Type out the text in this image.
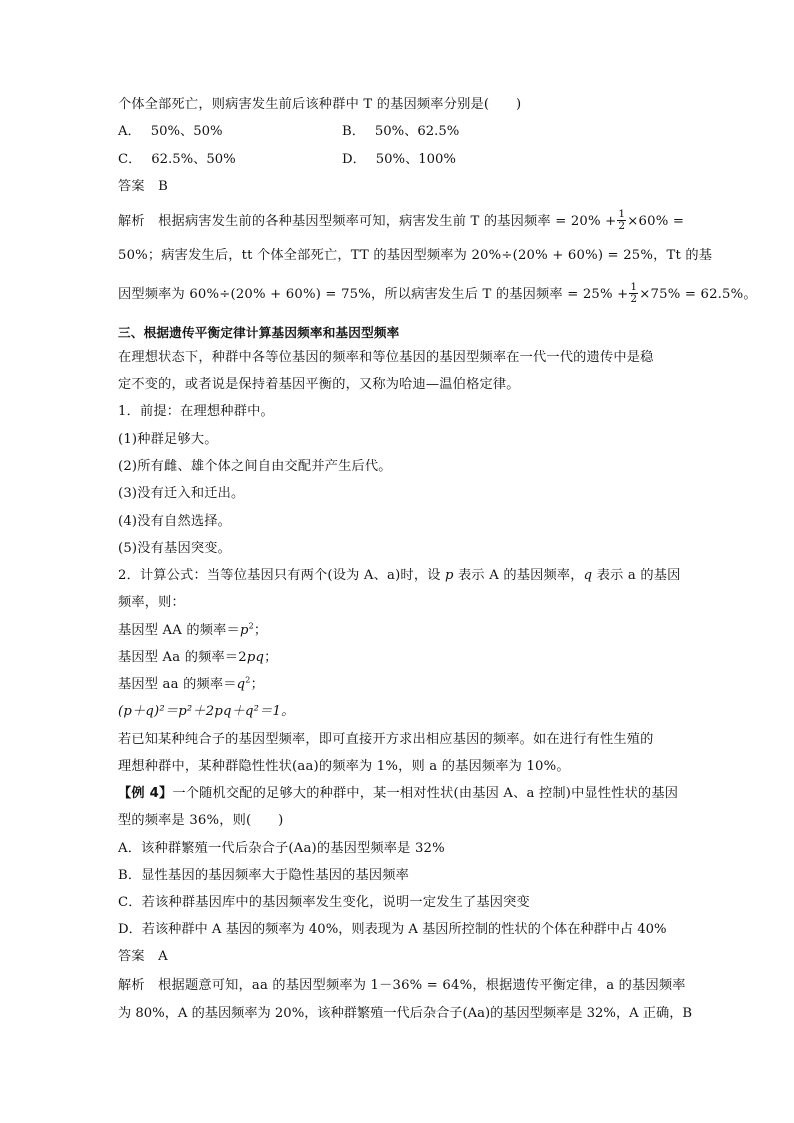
个体全部死亡，则病害发生前后该种群中 T 的基因频率分别是(　　)
A． 50%、50%	B． 50%、62.5%
C． 62.5%、50%	D． 50%、100%
答案　 B
解析　 根据病害发生前的各种基因型频率可知，病害发生前 T 的基因频率 = $20\% + \frac{1}{2} \times 60\%$ =
50%；病害发生后，tt 个体全部死亡，TT 的基因型频率为 20%÷(20% + 60%) = 25%，Tt 的基
因型频率为 60%÷(20% + 60%) = 75%，所以病害发生后 T 的基因频率 = $25\% + \frac{1}{2} \times 75\% = 62.5\%$。
三、根据遗传平衡定律计算基因频率和基因型频率
在理想状态下，种群中各等位基因的频率和等位基因的基因型频率在一代一代的遗传中是稳
定不变的，或者说是保持着基因平衡的，又称为哈迪—温伯格定律。
1．前提：在理想种群中。
(1)种群足够大。
(2)所有雌、雄个体之间自由交配并产生后代。
(3)没有迁入和迁出。
(4)没有自然选择。
(5)没有基因突变。
2．计算公式：当等位基因只有两个(设为 A、a)时，设 p 表示 A 的基因频率，q 表示 a 的基因
频率，则：
基因型 AA 的频率$=p^2$；
基因型 Aa 的频率＝2pq；
基因型 aa 的频率$=q^2$；
(p＋q)²＝p²＋2pq＋q²＝1。
若已知某种纯合子的基因型频率，即可直接开方求出相应基因的频率。如在进行有性生殖的
理想种群中，某种群隐性性状(aa)的频率为 1%，则 a 的基因频率为 10%。
【例 4】一个随机交配的足够大的种群中，某一相对性状(由基因 A、a 控制)中显性性状的基因
型的频率是 36%，则(　　)
A．该种群繁殖一代后杂合子(Aa)的基因型频率是 32%
B．显性基因的基因频率大于隐性基因的基因频率
C．若该种群基因库中的基因频率发生变化，说明一定发生了基因突变
D．若该种群中 A 基因的频率为 40%，则表现为 A 基因所控制的性状的个体在种群中占 40%
答案　 A
解析　 根据题意可知，aa 的基因型频率为 1－36% = 64%，根据遗传平衡定律，a 的基因频率
为 80%，A 的基因频率为 20%，该种群繁殖一代后杂合子(Aa)的基因型频率是 32%，A 正确，B
